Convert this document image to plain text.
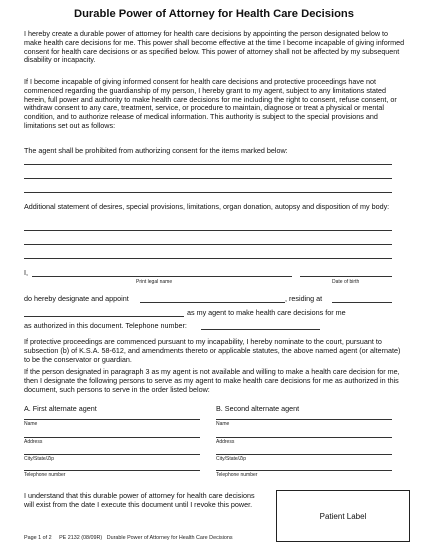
Durable Power of Attorney for Health Care Decisions

I hereby create a durable power of attorney for health care decisions by appointing the person designated below to make health care decisions for me. This power shall become effective at the time I become incapable of giving informed consent for health care decisions or as specified below. This power of attorney shall not be affected by my subsequent disability or incapacity.

If I become incapable of giving informed consent for health care decisions and protective proceedings have not commenced regarding the guardianship of my person, I hereby grant to my agent, subject to any limitations stated herein, full power and authority to make health care decisions for me including the right to consent, refuse consent, or withdraw consent to any care, treatment, service, or procedure to maintain, diagnose or treat a physical or mental condition, and to authorize release of medical information. This authority is subject to the special provisions and limitations set out as follows:

The agent shall be prohibited from authorizing consent for the items marked below:

Additional statement of desires, special provisions, limitations, organ donation, autopsy and disposition of my body:

I,
Print legal name	Date of birth
do hereby designate and appoint	, residing at
as my agent to make health care decisions for me
as authorized in this document. Telephone number:

If protective proceedings are commenced pursuant to my incapability, I hereby nominate to the court, pursuant to subsection (b) of K.S.A. 58-612, and amendments thereto or applicable statutes, the above named agent (or alternate) to be the conservator or guardian.

If the person designated in paragraph 3 as my agent is not available and willing to make a health care decision for me, then I designate the following persons to serve as my agent to make health care decisions for me as authorized in this document, such persons to serve in the order listed below:

A. First alternate agent	B. Second alternate agent
Name	Name
Address	Address
City/State/Zip	City/State/Zip
Telephone number	Telephone number

I understand that this durable power of attorney for health care decisions will exist from the date I execute this document until I revoke this power.

Patient Label
Page 1 of 2     PE 2132 (08/09R)   Durable Power of Attorney for Health Care Decisions
